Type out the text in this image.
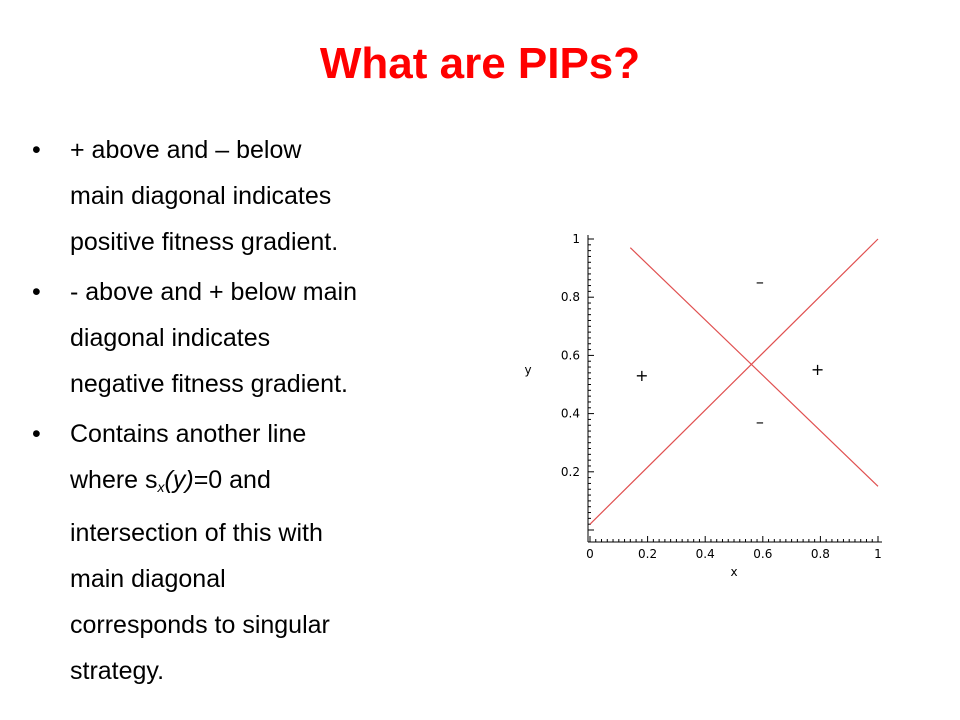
What are PIPs?
• + above and – below
main diagonal indicates
positive fitness gradient.
• - above and + below main
diagonal indicates
negative fitness gradient.
• Contains another line
where $s_x(y)=0$ and
intersection of this with
main diagonal
corresponds to singular
strategy.
0	0.2	0.4	0.6	0.8	1
0.2
0.4
0.6
0.8
1
x
y
–
+	+
–
